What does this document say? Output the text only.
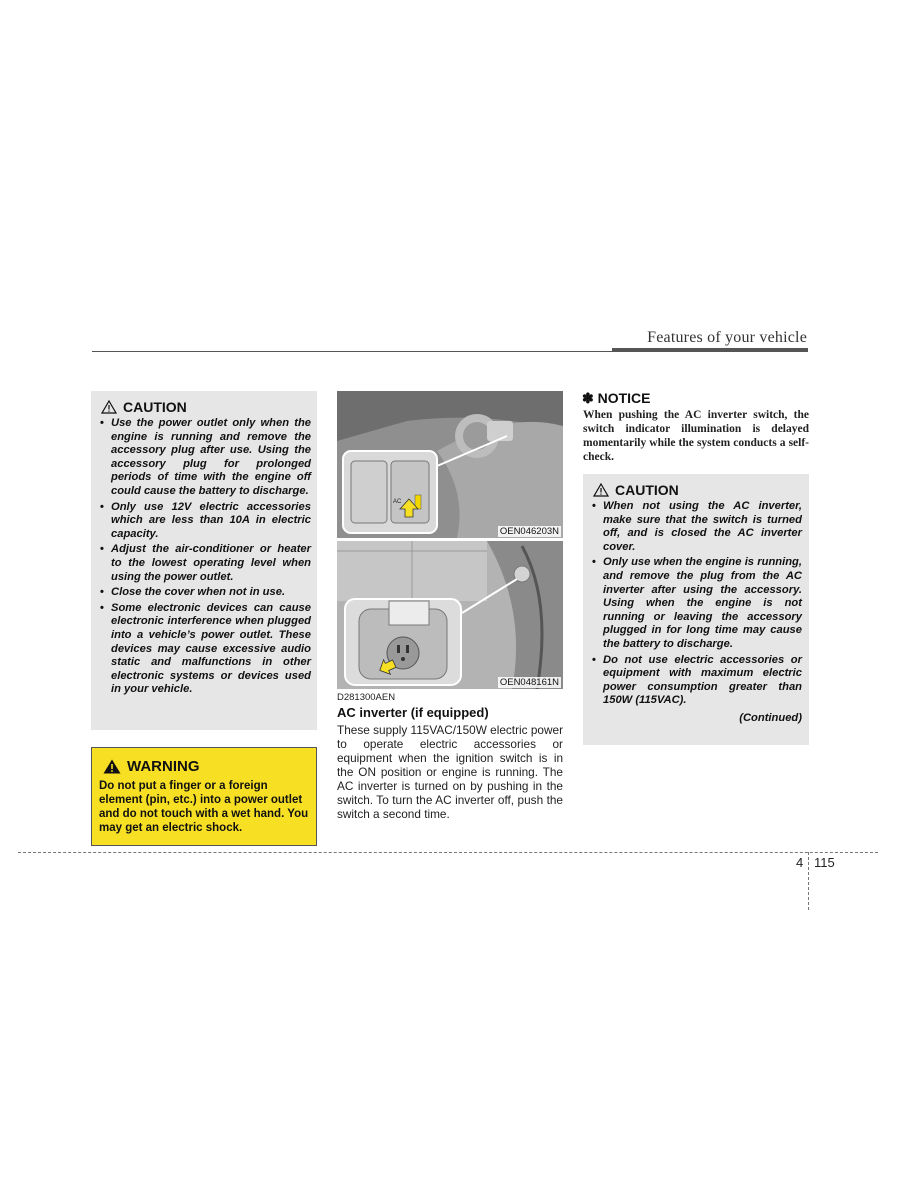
Features of your vehicle
CAUTION
• Use the power outlet only when the engine is running and remove the accessory plug after use. Using the accessory plug for prolonged periods of time with the engine off could cause the battery to discharge.
• Only use 12V electric accessories which are less than 10A in electric capacity.
• Adjust the air-conditioner or heater to the lowest operating level when using the power outlet.
• Close the cover when not in use.
• Some electronic devices can cause electronic interference when plugged into a vehicle’s power outlet. These devices may cause excessive audio static and malfunctions in other electronic systems or devices used in your vehicle.
WARNING
Do not put a finger or a foreign element (pin, etc.) into a power outlet and do not touch with a wet hand. You may get an electric shock.
AC
OEN046203N
OEN048161N
D281300AEN
AC inverter (if equipped)
These supply 115VAC/150W electric power to operate electric accessories or equipment when the ignition switch is in the ON position or engine is running. The AC inverter is turned on by pushing in the switch. To turn the AC inverter off, push the switch a second time.
✽ NOTICE
When pushing the AC inverter switch, the switch indicator illumination is delayed momentarily while the system conducts a self-check.
CAUTION
• When not using the AC inverter, make sure that the switch is turned off, and is closed the AC inverter cover.
• Only use when the engine is running, and remove the plug from the AC inverter after using the accessory. Using when the engine is not running or leaving the accessory plugged in for long time may cause the battery to discharge.
• Do not use electric accessories or equipment with maximum electric power consumption greater than 150W (115VAC).
(Continued)
4 115
